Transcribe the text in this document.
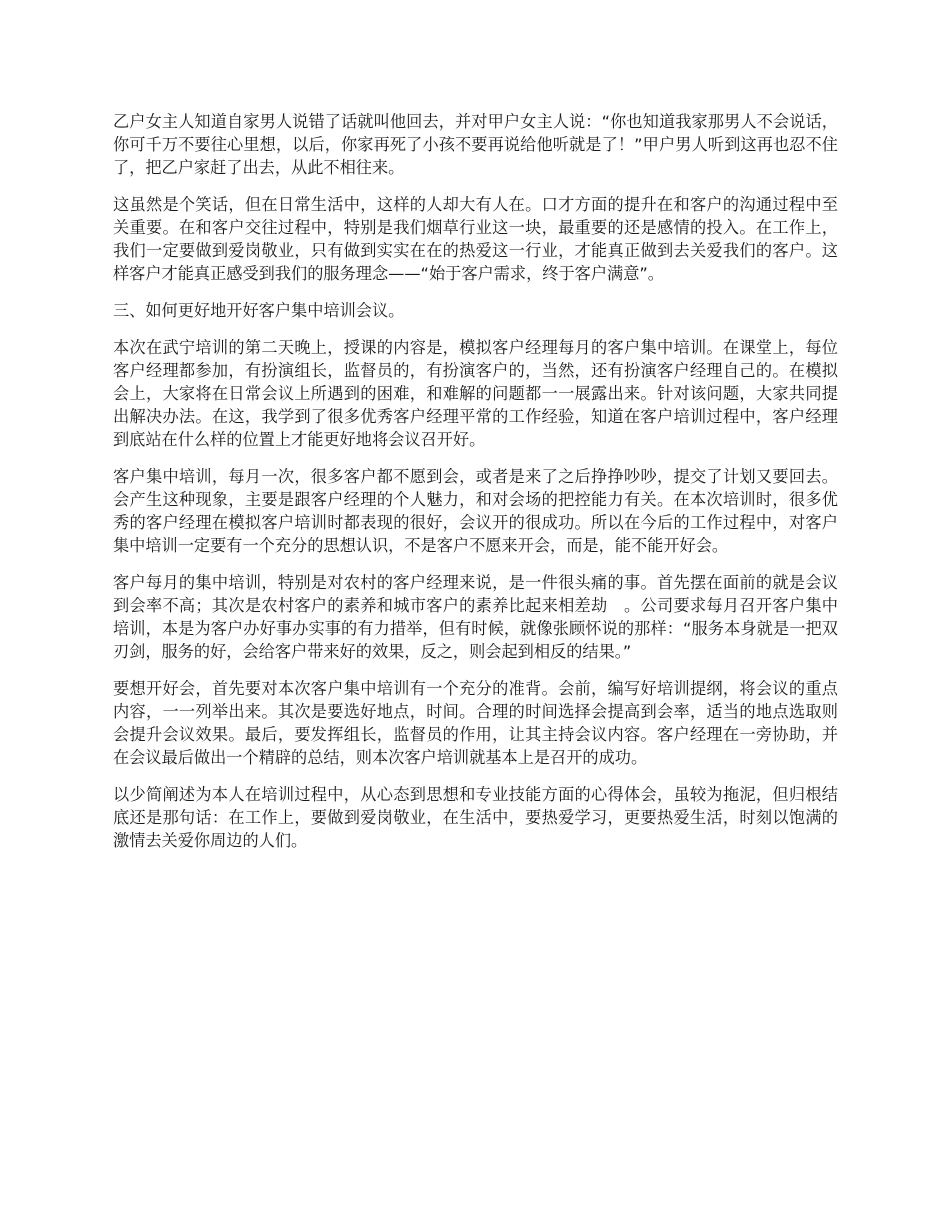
乙户女主人知道自家男人说错了话就叫他回去，并对甲户女主人说：“你也知道我家那男人不会说话，你可千万不要往心里想，以后，你家再死了小孩不要再说给他听就是了！”甲户男人听到这再也忍不住了，把乙户家赶了出去，从此不相往来。

这虽然是个笑话，但在日常生活中，这样的人却大有人在。口才方面的提升在和客户的沟通过程中至关重要。在和客户交往过程中，特别是我们烟草行业这一块，最重要的还是感情的投入。在工作上，我们一定要做到爱岗敬业，只有做到实实在在的热爱这一行业，才能真正做到去关爱我们的客户。这样客户才能真正感受到我们的服务理念——“始于客户需求，终于客户满意”。

三、如何更好地开好客户集中培训会议。

本次在武宁培训的第二天晚上，授课的内容是，模拟客户经理每月的客户集中培训。在课堂上，每位客户经理都参加，有扮演组长，监督员的，有扮演客户的，当然，还有扮演客户经理自己的。在模拟会上，大家将在日常会议上所遇到的困难，和难解的问题都一一展露出来。针对该问题，大家共同提出解决办法。在这，我学到了很多优秀客户经理平常的工作经验，知道在客户培训过程中，客户经理到底站在什么样的位置上才能更好地将会议召开好。

客户集中培训，每月一次，很多客户都不愿到会，或者是来了之后挣挣吵吵，提交了计划又要回去。会产生这种现象，主要是跟客户经理的个人魅力，和对会场的把控能力有关。在本次培训时，很多优秀的客户经理在模拟客户培训时都表现的很好，会议开的很成功。所以在今后的工作过程中，对客户集中培训一定要有一个充分的思想认识，不是客户不愿来开会，而是，能不能开好会。

客户每月的集中培训，特别是对农村的客户经理来说，是一件很头痛的事。首先摆在面前的就是会议到会率不高；其次是农村客户的素养和城市客户的素养比起来相差劫　。公司要求每月召开客户集中培训，本是为客户办好事办实事的有力措举，但有时候，就像张顾怀说的那样：“服务本身就是一把双刃剑，服务的好，会给客户带来好的效果，反之，则会起到相反的结果。”

要想开好会，首先要对本次客户集中培训有一个充分的准背。会前，编写好培训提纲，将会议的重点内容，一一列举出来。其次是要选好地点，时间。合理的时间选择会提高到会率，适当的地点选取则会提升会议效果。最后，要发挥组长，监督员的作用，让其主持会议内容。客户经理在一旁协助，并在会议最后做出一个精辟的总结，则本次客户培训就基本上是召开的成功。

以少简阐述为本人在培训过程中，从心态到思想和专业技能方面的心得体会，虽较为拖泥，但归根结底还是那句话：在工作上，要做到爱岗敬业，在生活中，要热爱学习，更要热爱生活，时刻以饱满的激情去关爱你周边的人们。
